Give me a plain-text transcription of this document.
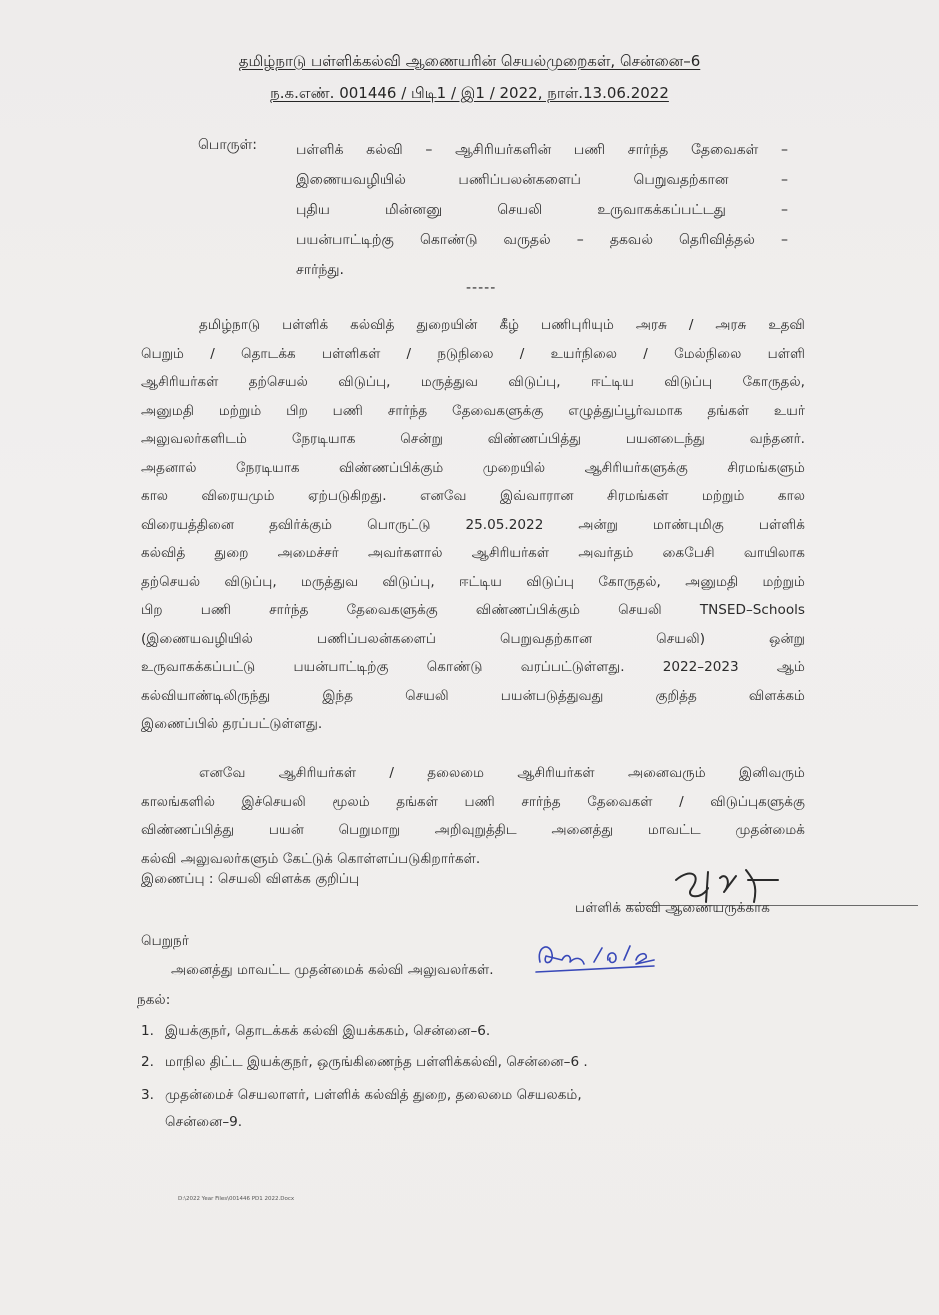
தமிழ்நாடு பள்ளிக்கல்வி ஆணையரின் செயல்முறைகள், சென்னை–6
ந.க.எண். 001446 / பிடி1 / இ1 / 2022, நாள்.13.06.2022
பொருள்:	பள்ளிக் கல்வி – ஆசிரியர்களின் பணி சார்ந்த தேவைகள் –
இணையவழியில் பணிப்பலன்களைப் பெறுவதற்கான –
புதிய மின்னனு செயலி உருவாகக்கப்பட்டது –
பயன்பாட்டிற்கு கொண்டு வருதல் – தகவல் தெரிவித்தல் –
சார்ந்து.
-----
தமிழ்நாடு பள்ளிக் கல்வித் துறையின் கீழ் பணிபுரியும் அரசு / அரசு உதவி
பெறும் / தொடக்க பள்ளிகள் / நடுநிலை / உயர்நிலை / மேல்நிலை பள்ளி
ஆசிரியர்கள் தற்செயல் விடுப்பு, மருத்துவ விடுப்பு, ஈட்டிய விடுப்பு கோருதல்,
அனுமதி மற்றும் பிற பணி சார்ந்த தேவைகளுக்கு எழுத்துப்பூர்வமாக தங்கள் உயர்
அலுவலர்களிடம் நேரடியாக சென்று விண்ணப்பித்து பயனடைந்து வந்தனர்.
அதனால் நேரடியாக விண்ணப்பிக்கும் முறையில் ஆசிரியர்களுக்கு சிரமங்களும்
கால விரையமும் ஏற்படுகிறது. எனவே இவ்வாரான சிரமங்கள் மற்றும் கால
விரையத்தினை தவிர்க்கும் பொருட்டு 25.05.2022 அன்று மாண்புமிகு பள்ளிக்
கல்வித் துறை அமைச்சர் அவர்களால் ஆசிரியர்கள் அவர்தம் கைபேசி வாயிலாக
தற்செயல் விடுப்பு, மருத்துவ விடுப்பு, ஈட்டிய விடுப்பு கோருதல், அனுமதி மற்றும்
பிற பணி சார்ந்த தேவைகளுக்கு விண்ணப்பிக்கும் செயலி TNSED–Schools
(இணையவழியில் பணிப்பலன்களைப் பெறுவதற்கான செயலி) ஒன்று
உருவாகக்கப்பட்டு பயன்பாட்டிற்கு கொண்டு வரப்பட்டுள்ளது. 2022–2023 ஆம்
கல்வியாண்டிலிருந்து இந்த செயலி பயன்படுத்துவது குறித்த விளக்கம்
இணைப்பில் தரப்பட்டுள்ளது.
எனவே ஆசிரியர்கள் / தலைமை ஆசிரியர்கள் அனைவரும் இனிவரும்
காலங்களில் இச்செயலி மூலம் தங்கள் பணி சார்ந்த தேவைகள் / விடுப்புகளுக்கு
விண்ணப்பித்து பயன் பெறுமாறு அறிவுறுத்திட அனைத்து மாவட்ட முதன்மைக்
கல்வி அலுவலர்களும் கேட்டுக் கொள்ளப்படுகிறார்கள்.
இணைப்பு : செயலி விளக்க குறிப்பு
பள்ளிக் கல்வி ஆணையருக்காக
பெறுநர்
அனைத்து மாவட்ட முதன்மைக் கல்வி அலுவலர்கள்.
நகல்:
1. இயக்குநர், தொடக்கக் கல்வி இயக்ககம், சென்னை–6.
2. மாநில திட்ட இயக்குநர், ஒருங்கிணைந்த பள்ளிக்கல்வி, சென்னை–6 .
3. முதன்மைச் செயலாளர், பள்ளிக் கல்வித் துறை, தலைமை செயலகம்,
சென்னை–9.
D:\2022 Year Files\001446 PD1 2022.Docx
